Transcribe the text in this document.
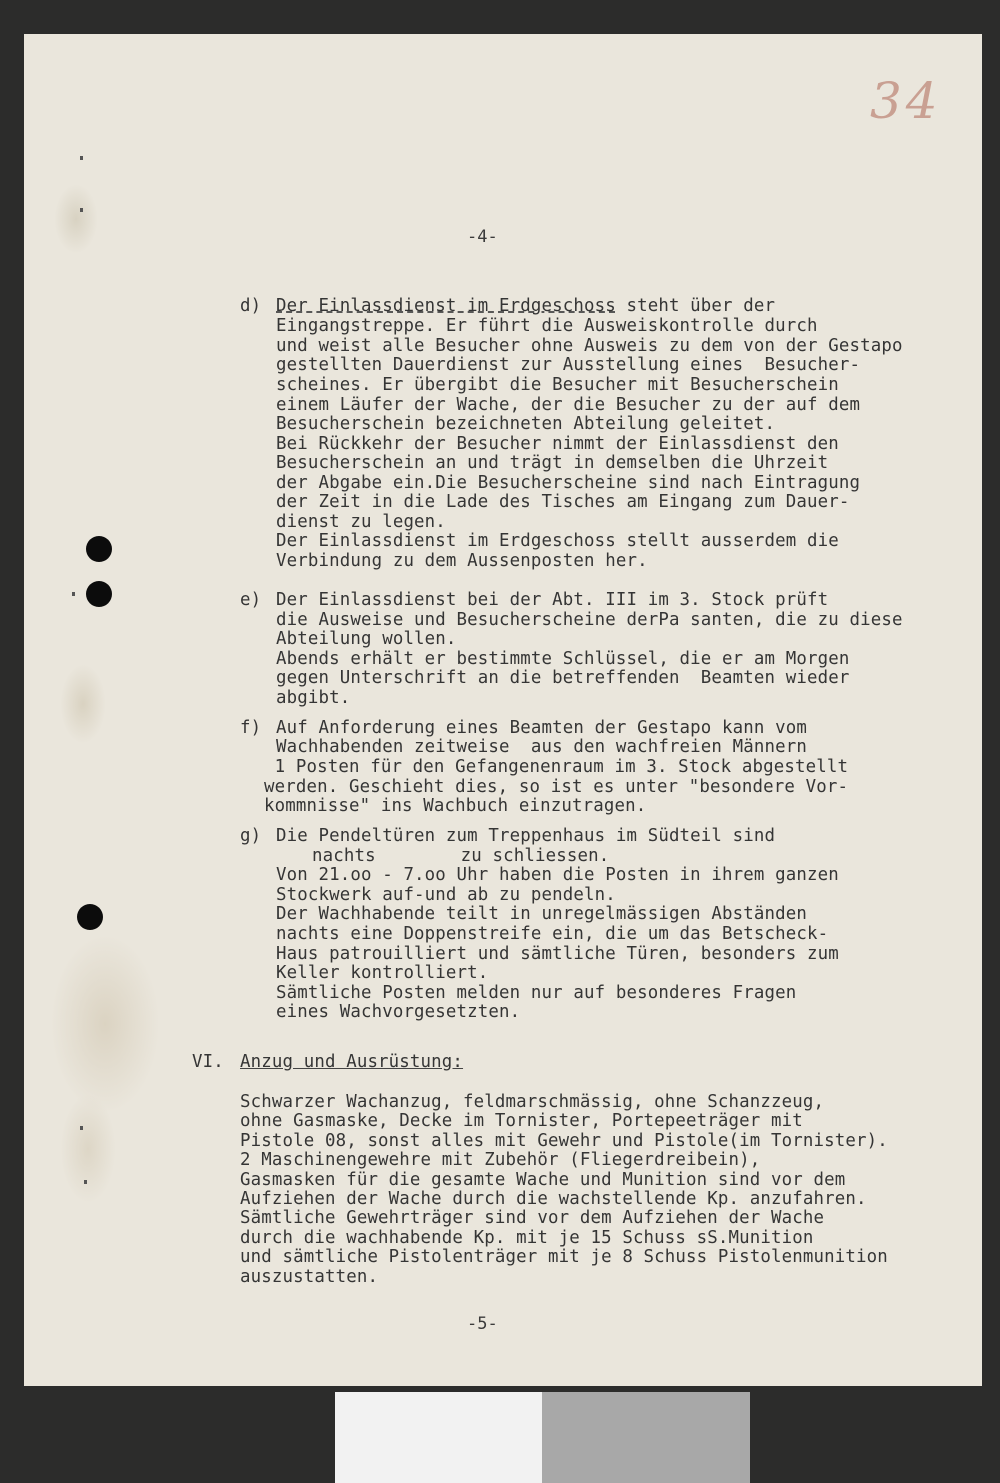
34
-4-
d) Der Einlassdienst im Erdgeschoss steht über der
Eingangstreppe. Er führt die Ausweiskontrolle durch
und weist alle Besucher ohne Ausweis zu dem von der Gestapo
gestellten Dauerdienst zur Ausstellung eines  Besucher-
scheines. Er übergibt die Besucher mit Besucherschein
einem Läufer der Wache, der die Besucher zu der auf dem
Besucherschein bezeichneten Abteilung geleitet.
Bei Rückkehr der Besucher nimmt der Einlassdienst den
Besucherschein an und trägt in demselben die Uhrzeit
der Abgabe ein.Die Besucherscheine sind nach Eintragung
der Zeit in die Lade des Tisches am Eingang zum Dauer-
dienst zu legen.
Der Einlassdienst im Erdgeschoss stellt ausserdem die
Verbindung zu dem Aussenposten her.
e) Der Einlassdienst bei der Abt. III im 3. Stock prüft
die Ausweise und Besucherscheine derPa santen, die zu diese
Abteilung wollen.
Abends erhält er bestimmte Schlüssel, die er am Morgen
gegen Unterschrift an die betreffenden  Beamten wieder
abgibt.
f) Auf Anforderung eines Beamten der Gestapo kann vom
Wachhabenden zeitweise  aus den wachfreien Männern
1 Posten für den Gefangenenraum im 3. Stock abgestellt
werden. Geschieht dies, so ist es unter "besondere Vor-
kommnisse" ins Wachbuch einzutragen.
g) Die Pendeltüren zum Treppenhaus im Südteil sind
nachts        zu schliessen.
Von 21.oo - 7.oo Uhr haben die Posten in ihrem ganzen
Stockwerk auf-und ab zu pendeln.
Der Wachhabende teilt in unregelmässigen Abständen
nachts eine Doppenstreife ein, die um das Betscheck-
Haus patrouilliert und sämtliche Türen, besonders zum
Keller kontrolliert.
Sämtliche Posten melden nur auf besonderes Fragen
eines Wachvorgesetzten.
VI. Anzug und Ausrüstung:
Schwarzer Wachanzug, feldmarschmässig, ohne Schanzzeug,
ohne Gasmaske, Decke im Tornister, Portepeeträger mit
Pistole 08, sonst alles mit Gewehr und Pistole(im Tornister).
2 Maschinengewehre mit Zubehör (Fliegerdreibein),
Gasmasken für die gesamte Wache und Munition sind vor dem
Aufziehen der Wache durch die wachstellende Kp. anzufahren.
Sämtliche Gewehrträger sind vor dem Aufziehen der Wache
durch die wachhabende Kp. mit je 15 Schuss sS.Munition
und sämtliche Pistolenträger mit je 8 Schuss Pistolenmunition
auszustatten.
-5-
